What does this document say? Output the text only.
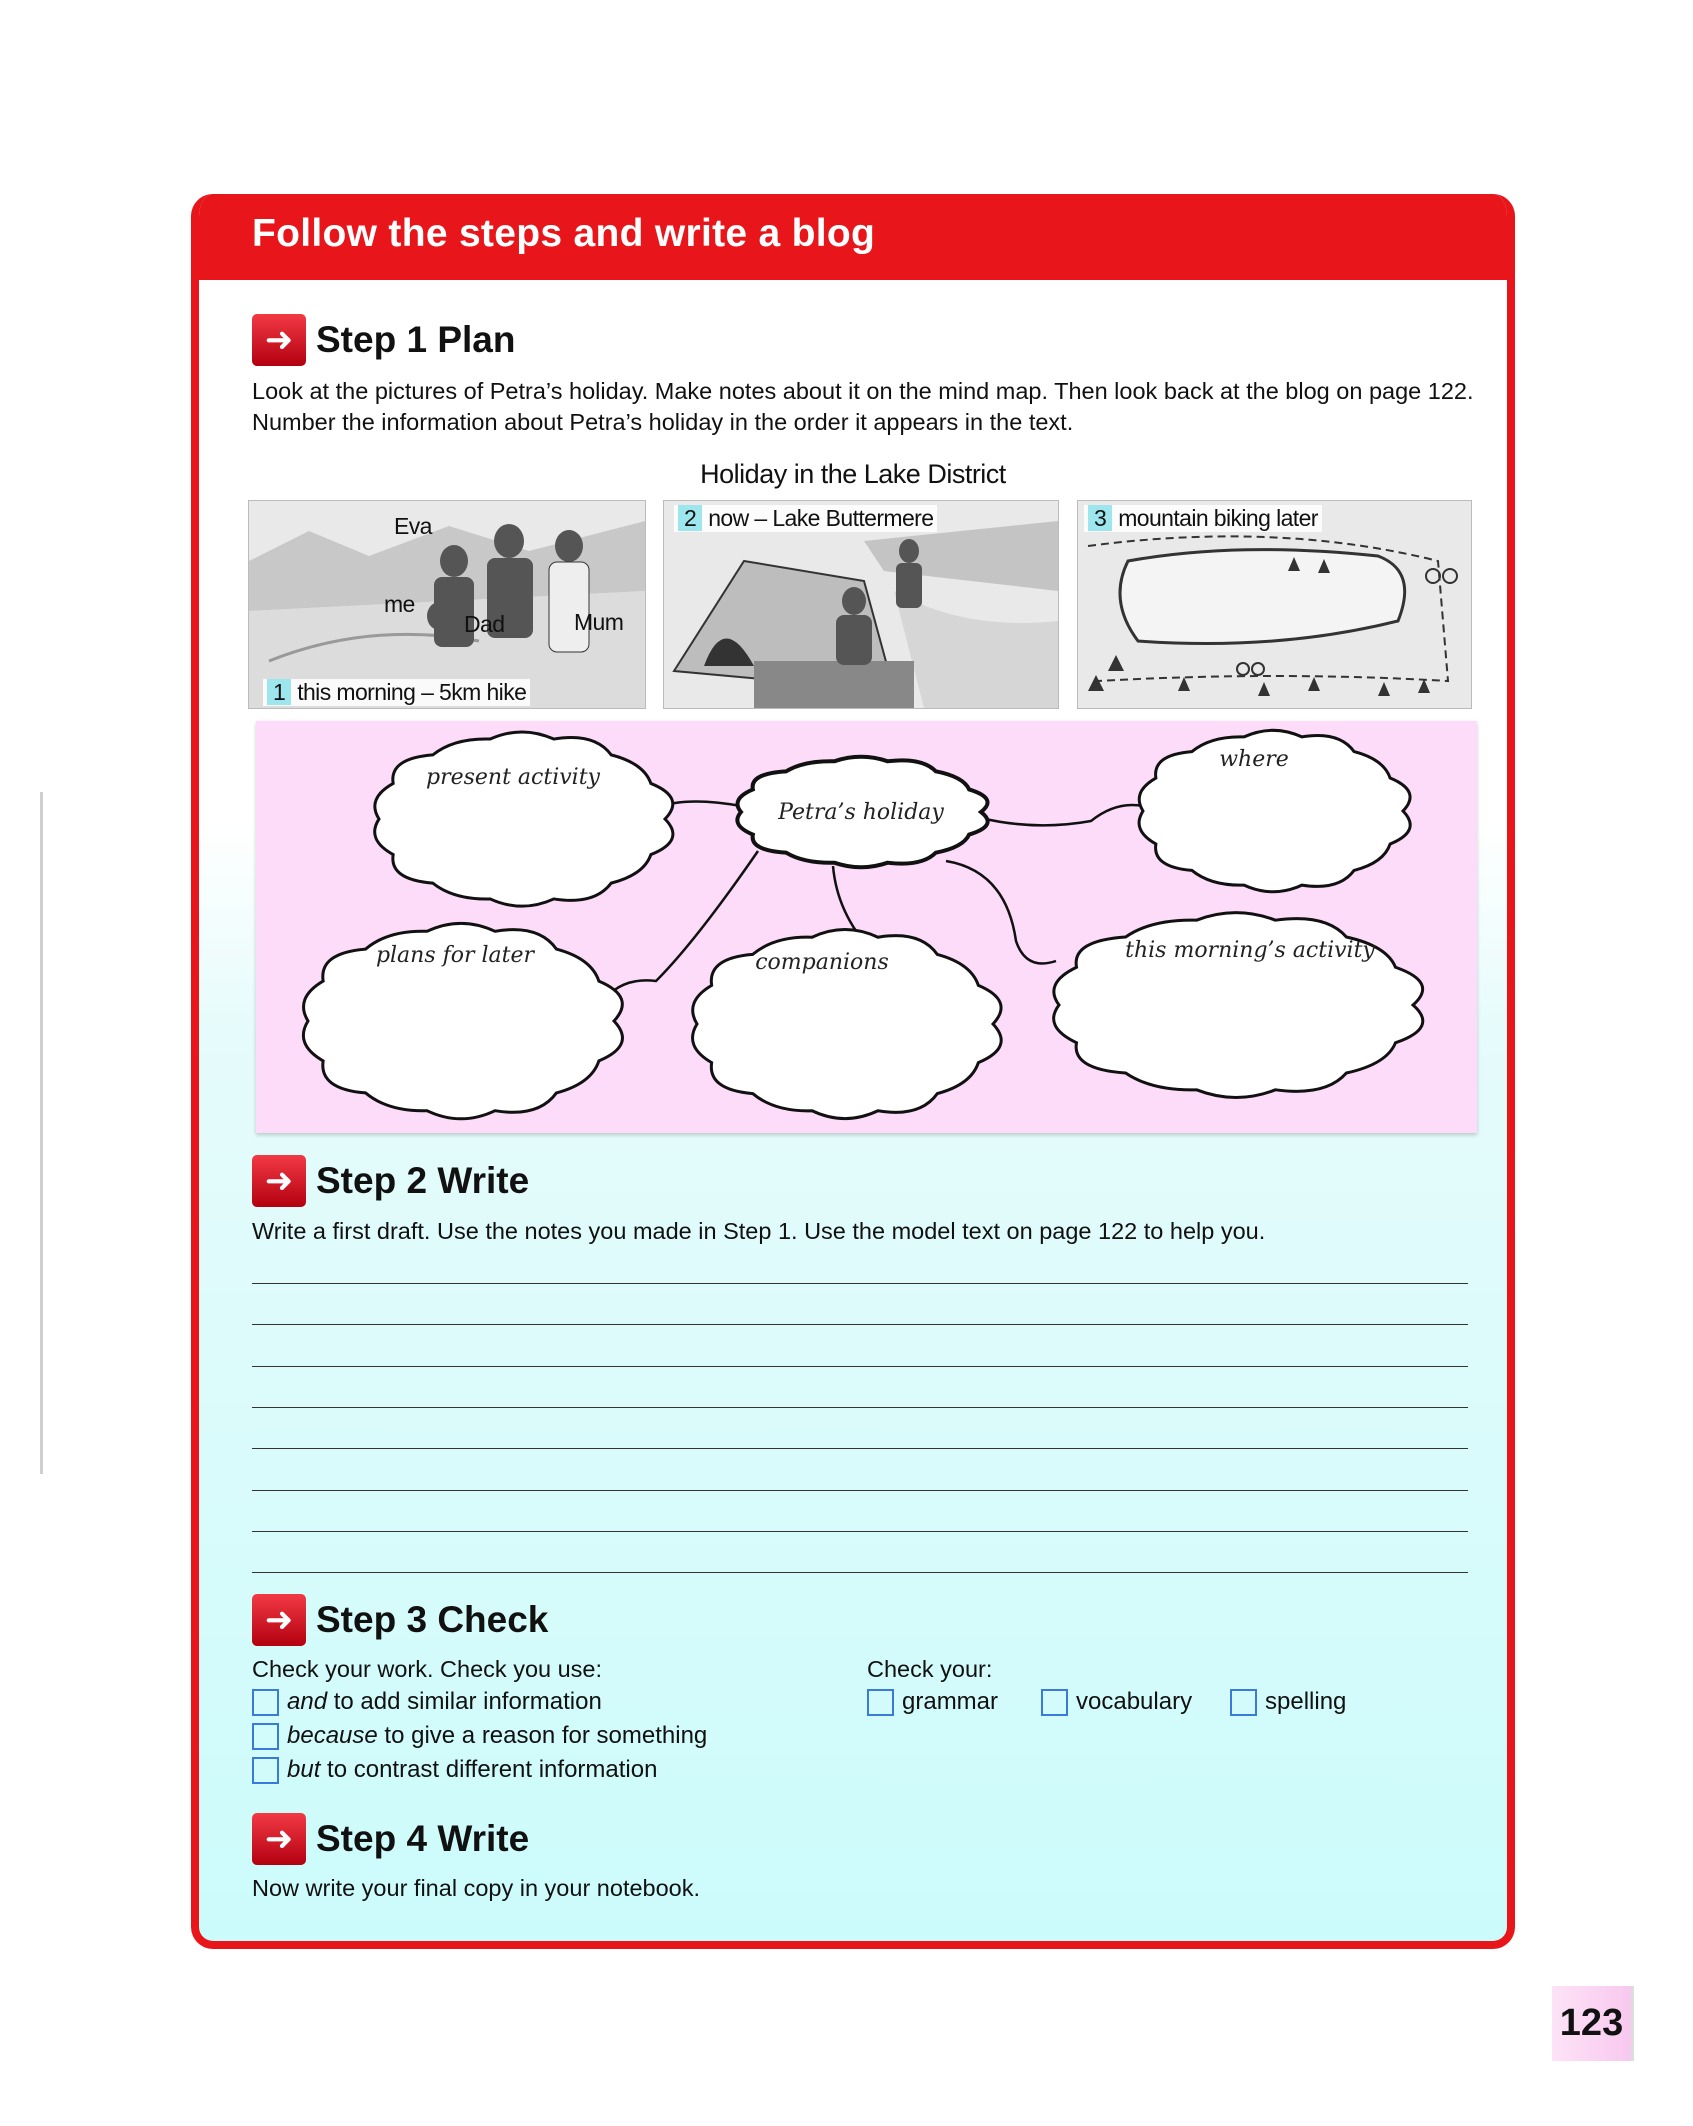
Follow the steps and write a blog
➜ Step 1 Plan
Look at the pictures of Petra’s holiday. Make notes about it on the mind map. Then look back at the blog on page 122. Number the information about Petra’s holiday in the order it appears in the text.
Holiday in the Lake District
Eva
me
Dad	Mum
1 this morning – 5km hike
2 now – Lake Buttermere	3 mountain biking later
Petra’s holiday
present activity
where
plans for later	companions	this morning’s activity
➜ Step 2 Write
Write a first draft. Use the notes you made in Step 1. Use the model text on page 122 to help you.
➜ Step 3 Check
Check your work. Check you use:
and to add similar information
because to give a reason for something
but to contrast different information
Check your:
grammar	vocabulary	spelling
➜ Step 4 Write
Now write your final copy in your notebook.
123
